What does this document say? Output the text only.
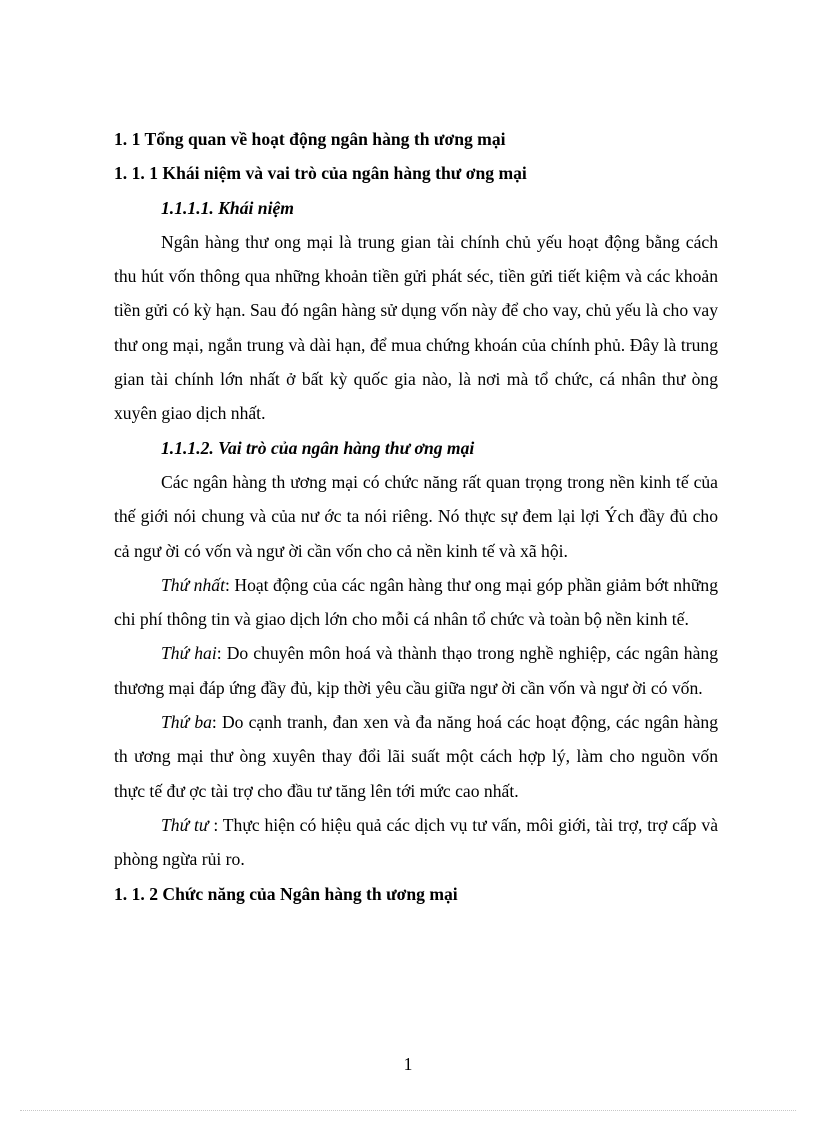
1. 1 Tổng quan về hoạt động ngân hàng th ương mại

1. 1. 1 Khái niệm và vai trò của ngân hàng thư ơng mại

1.1.1.1. Khái niệm

Ngân hàng thư ong mại là trung gian tài chính chủ yếu hoạt động bằng cách thu hút vốn thông qua những khoản tiền gửi phát séc, tiền gửi tiết kiệm và các khoản tiền gửi có kỳ hạn. Sau đó ngân hàng sử dụng vốn này để cho vay, chủ yếu là cho vay thư ong mại, ngắn trung và dài hạn, để mua chứng khoán của chính phủ. Đây là trung gian tài chính lớn nhất ở bất kỳ quốc gia nào, là nơi mà tổ chức, cá nhân thư òng xuyên giao dịch nhất.

1.1.1.2. Vai trò của ngân hàng thư ơng mại

Các ngân hàng th ương mại có chức năng rất quan trọng trong nền kinh tế của thế giới nói chung và của nư ớc ta nói riêng. Nó thực sự đem lại lợi Ých đầy đủ cho cả ngư ời có vốn và ngư ời cần vốn cho cả nền kinh tế và xã hội.

Thứ nhất: Hoạt động của các ngân hàng thư ong mại góp phần giảm bớt những chi phí thông tin và giao dịch lớn cho mỗi cá nhân tổ chức và toàn bộ nền kinh tế.

Thứ hai: Do chuyên môn hoá và thành thạo trong nghề nghiệp, các ngân hàng thương mại đáp ứng đầy đủ, kịp thời yêu cầu giữa ngư ời cần vốn và ngư ời có vốn.

Thứ ba: Do cạnh tranh, đan xen và đa năng hoá các hoạt động, các ngân hàng th ương mại thư òng xuyên thay đổi lãi suất một cách hợp lý, làm cho nguồn vốn thực tế đư ợc tài trợ cho đầu tư tăng lên tới mức cao nhất.

Thứ tư : Thực hiện có hiệu quả các dịch vụ tư vấn, môi giới, tài trợ, trợ cấp và phòng ngừa rủi ro.

1. 1. 2 Chức năng của Ngân hàng th ương mại

1
